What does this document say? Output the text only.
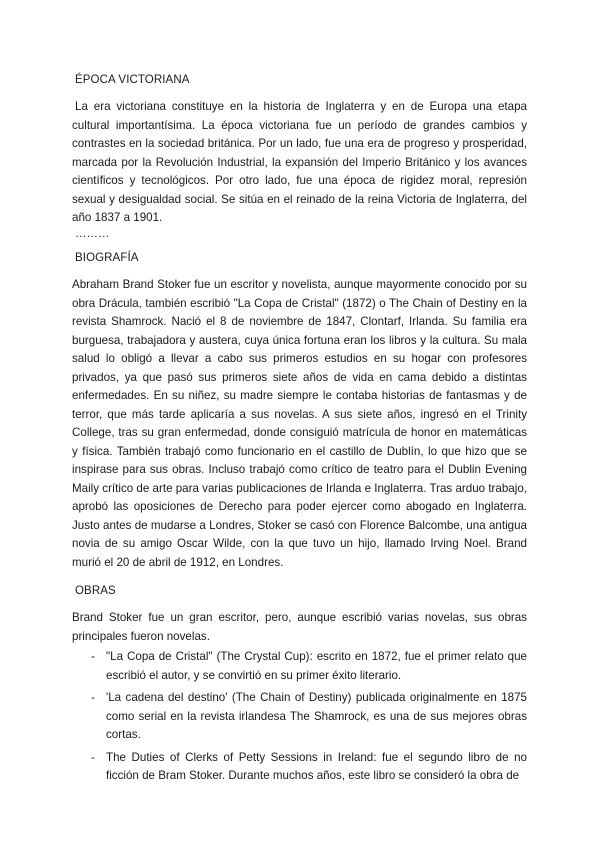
ÉPOCA VICTORIANA

La era victoriana constituye en la historia de Inglaterra y en de Europa una etapa cultural importantísima. La época victoriana fue un período de grandes cambios y contrastes en la sociedad británica. Por un lado, fue una era de progreso y prosperidad, marcada por la Revolución Industrial, la expansión del Imperio Británico y los avances científicos y tecnológicos. Por otro lado, fue una época de rigidez moral, represión sexual y desigualdad social. Se sitúa en el reinado de la reina Victoria de Inglaterra, del año 1837 a 1901.

………
BIOGRAFÍA

Abraham Brand Stoker fue un escritor y novelista, aunque mayormente conocido por su obra Drácula, también escribió "La Copa de Cristal" (1872) o The Chain of Destiny en la revista Shamrock. Nació el 8 de noviembre de 1847, Clontarf, Irlanda. Su familia era burguesa, trabajadora y austera, cuya única fortuna eran los libros y la cultura. Su mala salud lo obligó a llevar a cabo sus primeros estudios en su hogar con profesores privados, ya que pasó sus primeros siete años de vida en cama debido a distintas enfermedades. En su niñez, su madre siempre le contaba historias de fantasmas y de terror, que más tarde aplicaría a sus novelas. A sus siete años, ingresó en el Trinity College, tras su gran enfermedad, donde consiguió matrícula de honor en matemáticas y física. También trabajó como funcionario en el castillo de Dublín, lo que hizo que se inspirase para sus obras. Incluso trabajó como crítico de teatro para el Dublin Evening Maily crítico de arte para varias publicaciones de Irlanda e Inglaterra. Tras arduo trabajo, aprobó las oposiciones de Derecho para poder ejercer como abogado en Inglaterra. Justo antes de mudarse a Londres, Stoker se casó con Florence Balcombe, una antigua novia de su amigo Oscar Wilde, con la que tuvo un hijo, llamado Irving Noel. Brand murió el 20 de abril de 1912, en Londres.

OBRAS

Brand Stoker fue un gran escritor, pero, aunque escribió varias novelas, sus obras principales fueron novelas.

- "La Copa de Cristal" (The Crystal Cup): escrito en 1872, fue el primer relato que escribió el autor, y se convirtió en su primer éxito literario.
- 'La cadena del destino' (The Chain of Destiny) publicada originalmente en 1875 como serial en la revista irlandesa The Shamrock, es una de sus mejores obras cortas.
- The Duties of Clerks of Petty Sessions in Ireland: fue el segundo libro de no ficción de Bram Stoker. Durante muchos años, este libro se consideró la obra de
